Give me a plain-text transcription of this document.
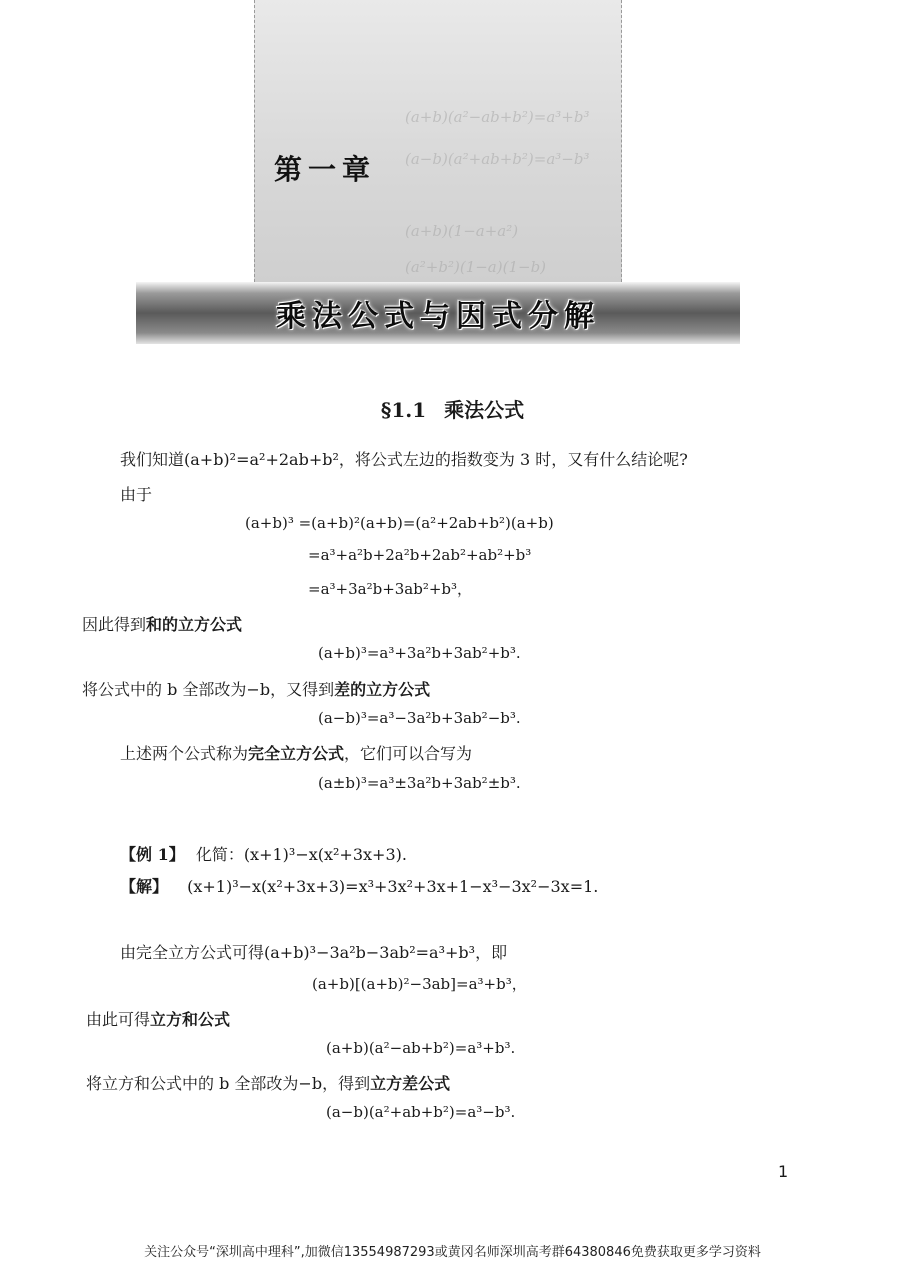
(a+b)(a²−ab+b²)=a³+b³
(a−b)(a²+ab+b²)=a³−b³
(a+b)(1−a+a²)
(a²+b²)(1−a)(1−b)
第一章
乘法公式与因式分解
§1.1 乘法公式
我们知道(a+b)²=a²+2ab+b²，将公式左边的指数变为 3 时，又有什么结论呢?
由于
(a+b)³ =(a+b)²(a+b)=(a²+2ab+b²)(a+b)
=a³+a²b+2a²b+2ab²+ab²+b³
=a³+3a²b+3ab²+b³，
因此得到和的立方公式
(a+b)³=a³+3a²b+3ab²+b³.
将公式中的 b 全部改为−b，又得到差的立方公式
(a−b)³=a³−3a²b+3ab²−b³.
上述两个公式称为完全立方公式，它们可以合写为
(a±b)³=a³±3a²b+3ab²±b³.
【例 1】 化简：(x+1)³−x(x²+3x+3).
【解】 (x+1)³−x(x²+3x+3)=x³+3x²+3x+1−x³−3x²−3x=1.
由完全立方公式可得(a+b)³−3a²b−3ab²=a³+b³，即
(a+b)[(a+b)²−3ab]=a³+b³，
由此可得立方和公式
(a+b)(a²−ab+b²)=a³+b³.
将立方和公式中的 b 全部改为−b，得到立方差公式
(a−b)(a²+ab+b²)=a³−b³.
1
关注公众号“深圳高中理科”,加微信13554987293或黄冈名师深圳高考群64380846免费获取更多学习资料
